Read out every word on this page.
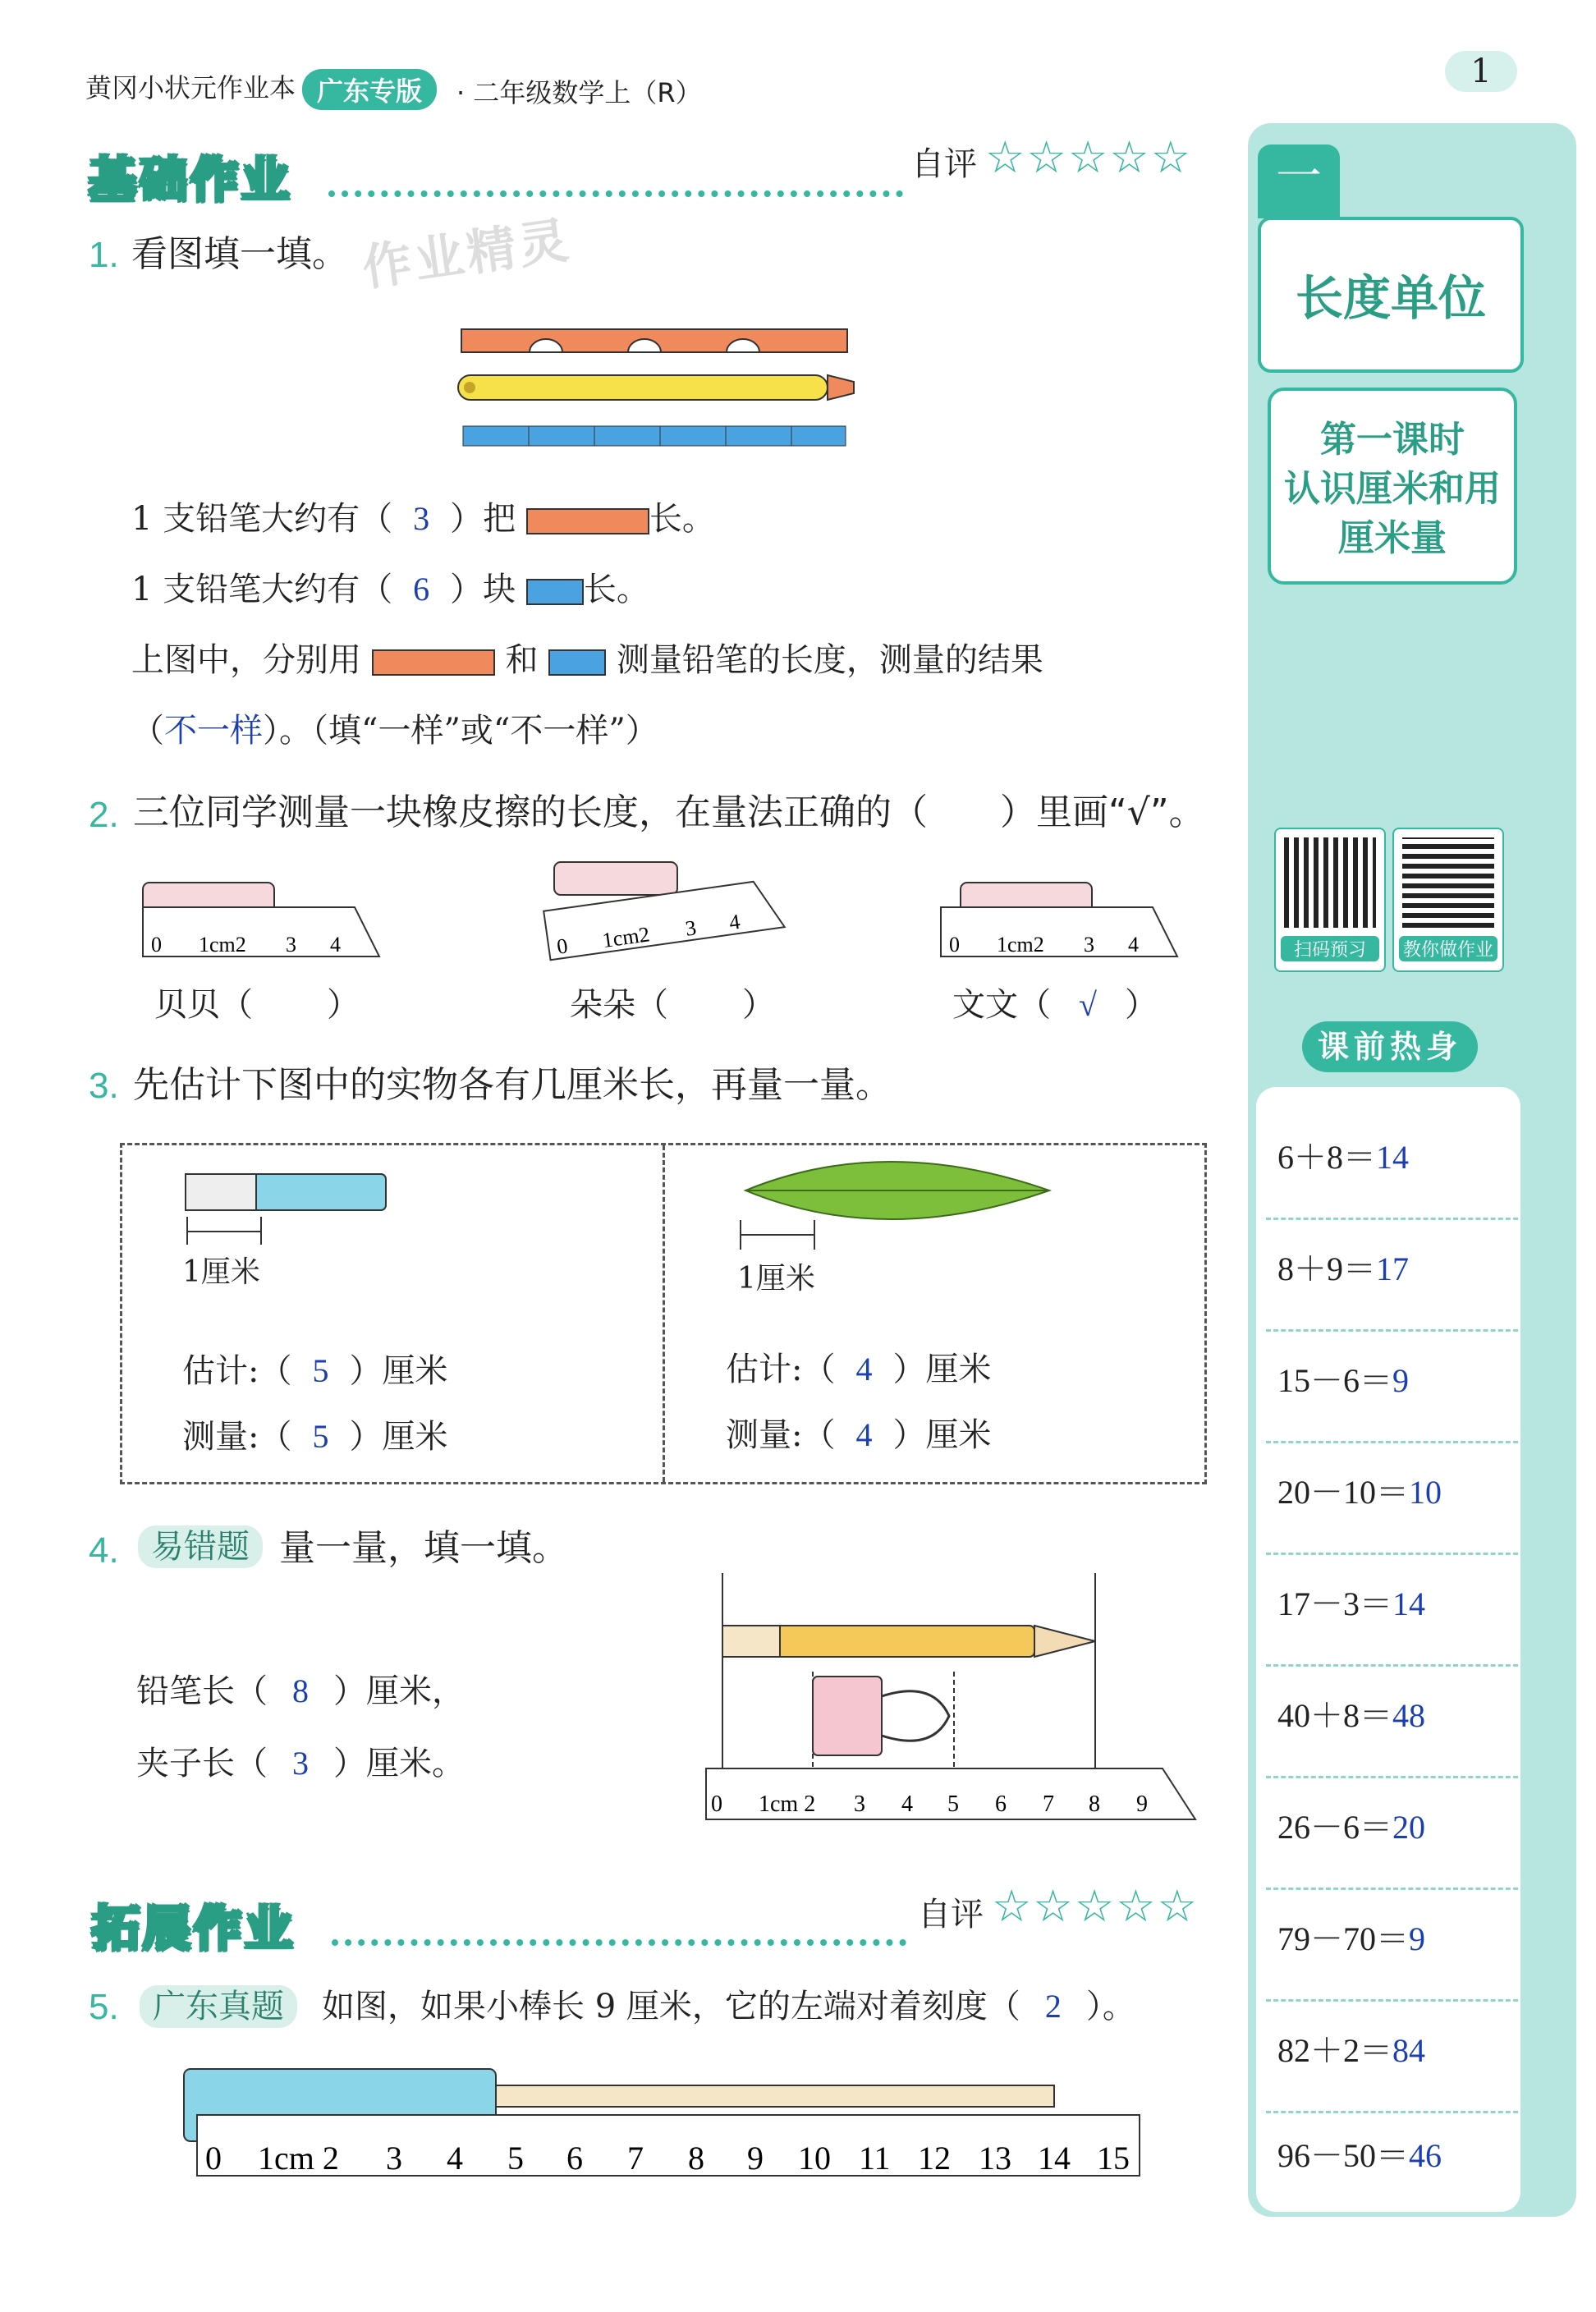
黄冈小状元作业本 广东专版	· 二年级数学上（R）
1
基础作业	自评 ☆☆☆☆☆
1. 看图填一填。 作业精灵
1 支铅笔大约有（ 3 ）把	长。
1 支铅笔大约有（ 6 ）块 长。
上图中，分别用	和 测量铅笔的长度，测量的结果
（不一样）。（填“一样”或“不一样”）
2. 三位同学测量一块橡皮擦的长度，在量法正确的（　　）里画“√”。
0 1cm2 3 4	0 1cm2 3 4
0 1cm2 3 4
贝贝（ ）	朵朵（ ）	文文（ √ ）
3. 先估计下图中的实物各有几厘米长，再量一量。
1厘米	1厘米
估计:（ 5 ）厘米
测量:（ 5 ）厘米
估计:（ 4 ）厘米
测量:（ 4 ）厘米
4. 易错题 量一量，填一填。
铅笔长（ 8 ）厘米，
夹子长（ 3 ）厘米。
0 1cm 2 3 4 5 6 7 8 9
拓展作业	自评 ☆☆☆☆☆
5.	广东真题	如图，如果小棒长 9 厘米，它的左端对着刻度（ 2 ）。
0 1cm 2 3 4 5 6 7 8 9 10 11 12 13 14 15
一
长度单位
第一课时
认识厘米和用
厘米量
扫码预习	教你做作业
课前热身
6＋8＝14
8＋9＝17
15－6＝9
20－10＝10
17－3＝14
40＋8＝48
26－6＝20
79－70＝9
82＋2＝84
96－50＝46
